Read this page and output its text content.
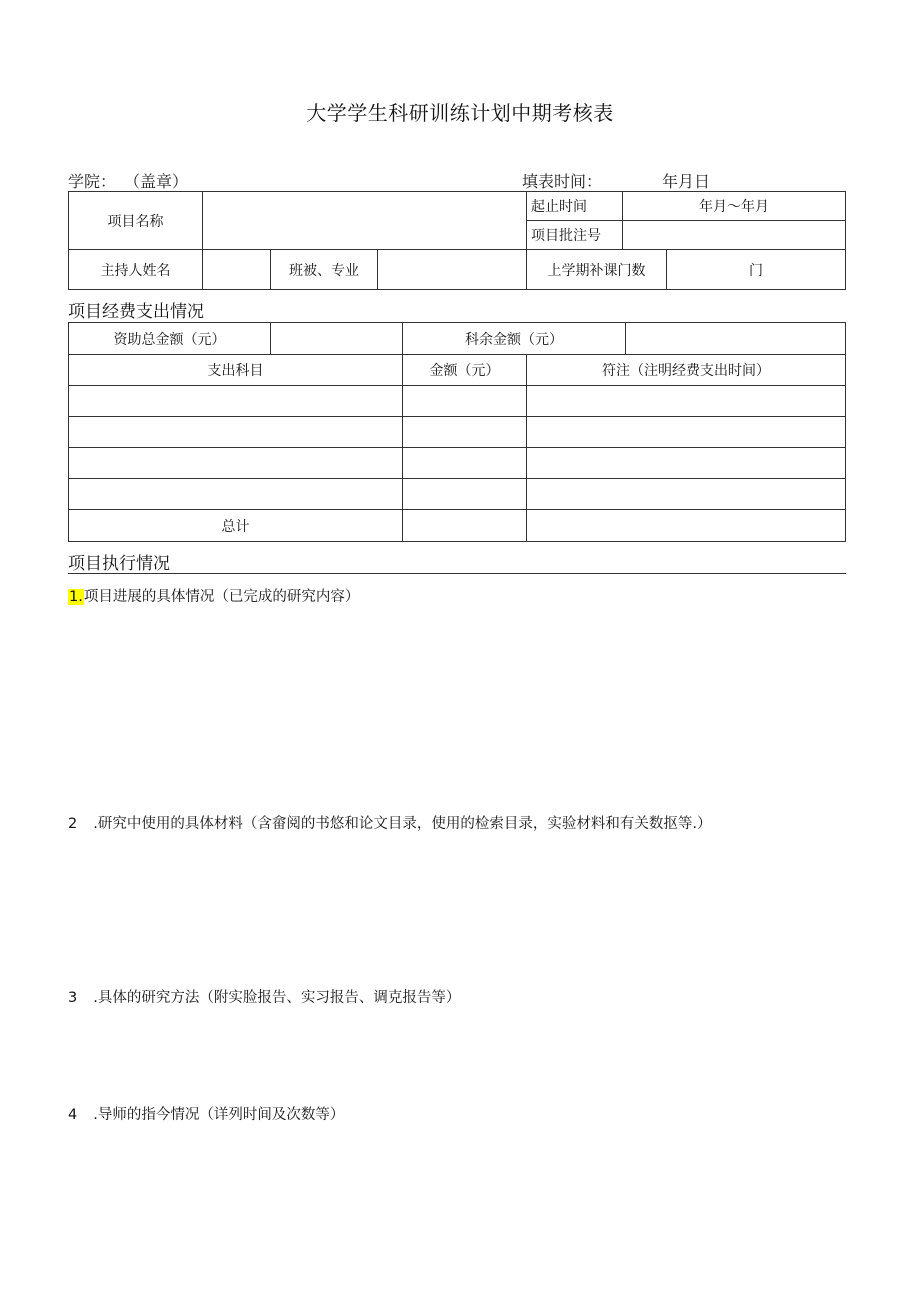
大学学生科研训练计划中期考核表
学院： （盖章）	填表时间：	年月日
项目名称				起止时间	年月〜年月	
				项目批注号		
主持人姓名		班被、专业		上学期补课门数		门
项目经费支出情况
资助总金额（元）		科余金额（元）		
支出科目		金额（元）	符注（注明经费支出时间）	

总计				
项目执行情况
1.项目进展的具体情况（已完成的研究内容）
2 .研究中使用的具体材料（含畲阅的书悠和论文目录，使用的检索目录，实验材料和有关数抠等.）
3 .具体的研究方法（附实脸报告、实习报告、调克报告等）
4 .导师的指今情况（详列时间及次数等）
